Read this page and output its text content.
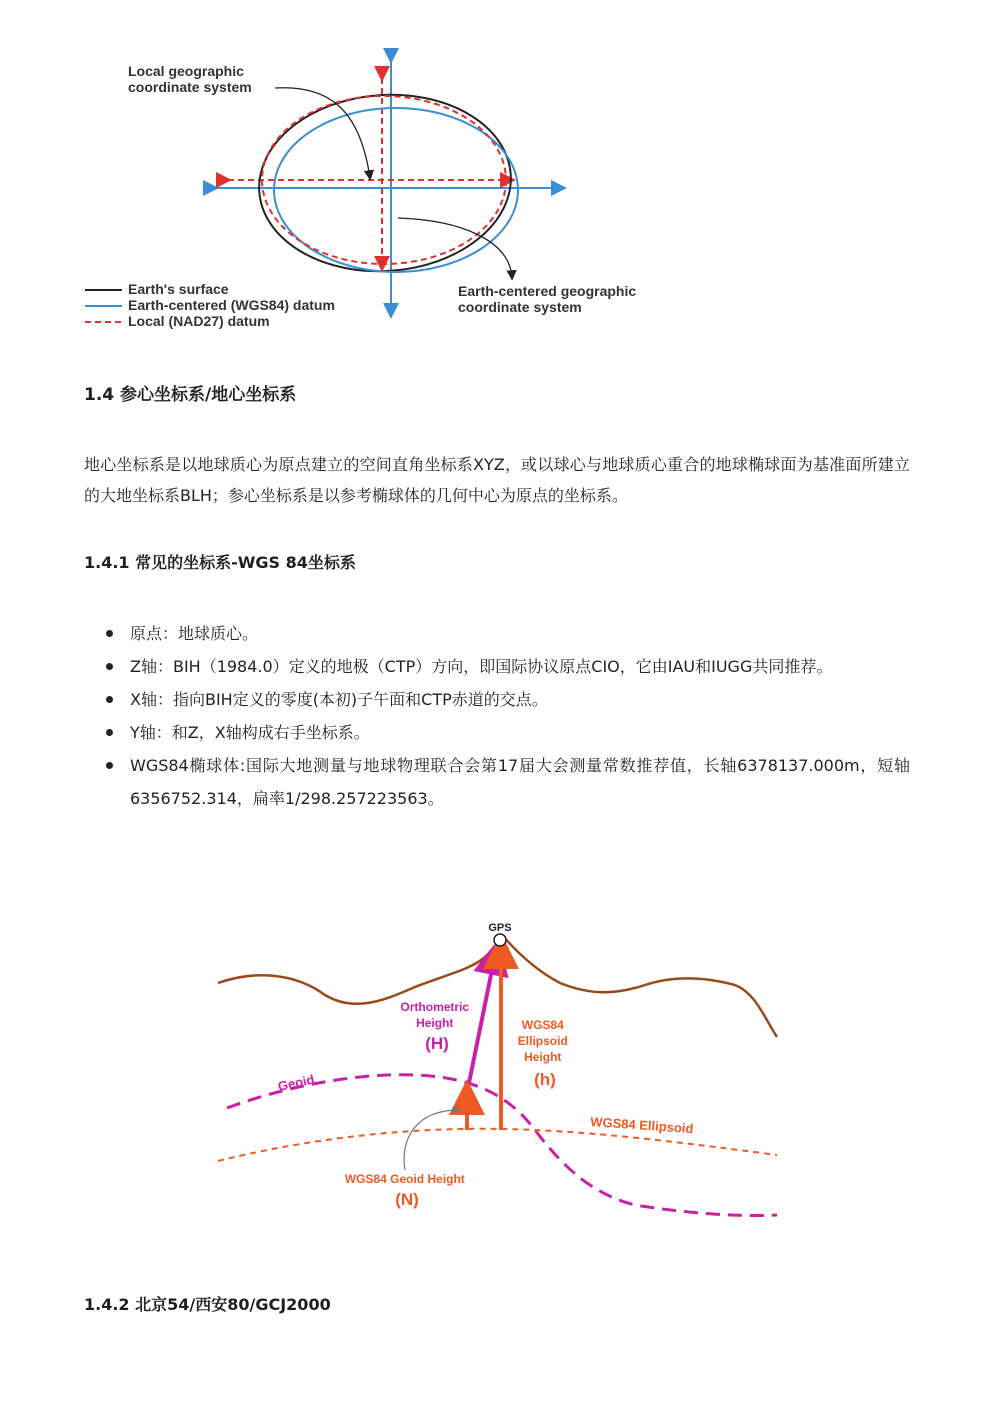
Local geographic coordinate system
Earth-centered geographic coordinate system
Earth's surface
Earth-centered (WGS84) datum
Local (NAD27) datum
1.4 参心坐标系/地心坐标系

地心坐标系是以地球质心为原点建立的空间直角坐标系XYZ，或以球心与地球质心重合的地球椭球面为基准面所建立的大地坐标系BLH；参心坐标系是以参考椭球体的几何中心为原点的坐标系。

1.4.1 常见的坐标系-WGS 84坐标系
原点：地球质心。
Z轴：BIH（1984.0）定义的地极（CTP）方向，即国际协议原点CIO，它由IAU和IUGG共同推荐。
X轴：指向BIH定义的零度(本初)子午面和CTP赤道的交点。
Y轴：和Z，X轴构成右手坐标系。
WGS84椭球体:国际大地测量与地球物理联合会第17届大会测量常数推荐值，长轴6378137.000m，短轴6356752.314，扁率1/298.257223563。
GPS
Orthometric Height (H)
WGS84 Ellipsoid Height (h)
Geoid
WGS84 Ellipsoid
WGS84 Geoid Height (N)
1.4.2 北京54/西安80/GCJ2000
